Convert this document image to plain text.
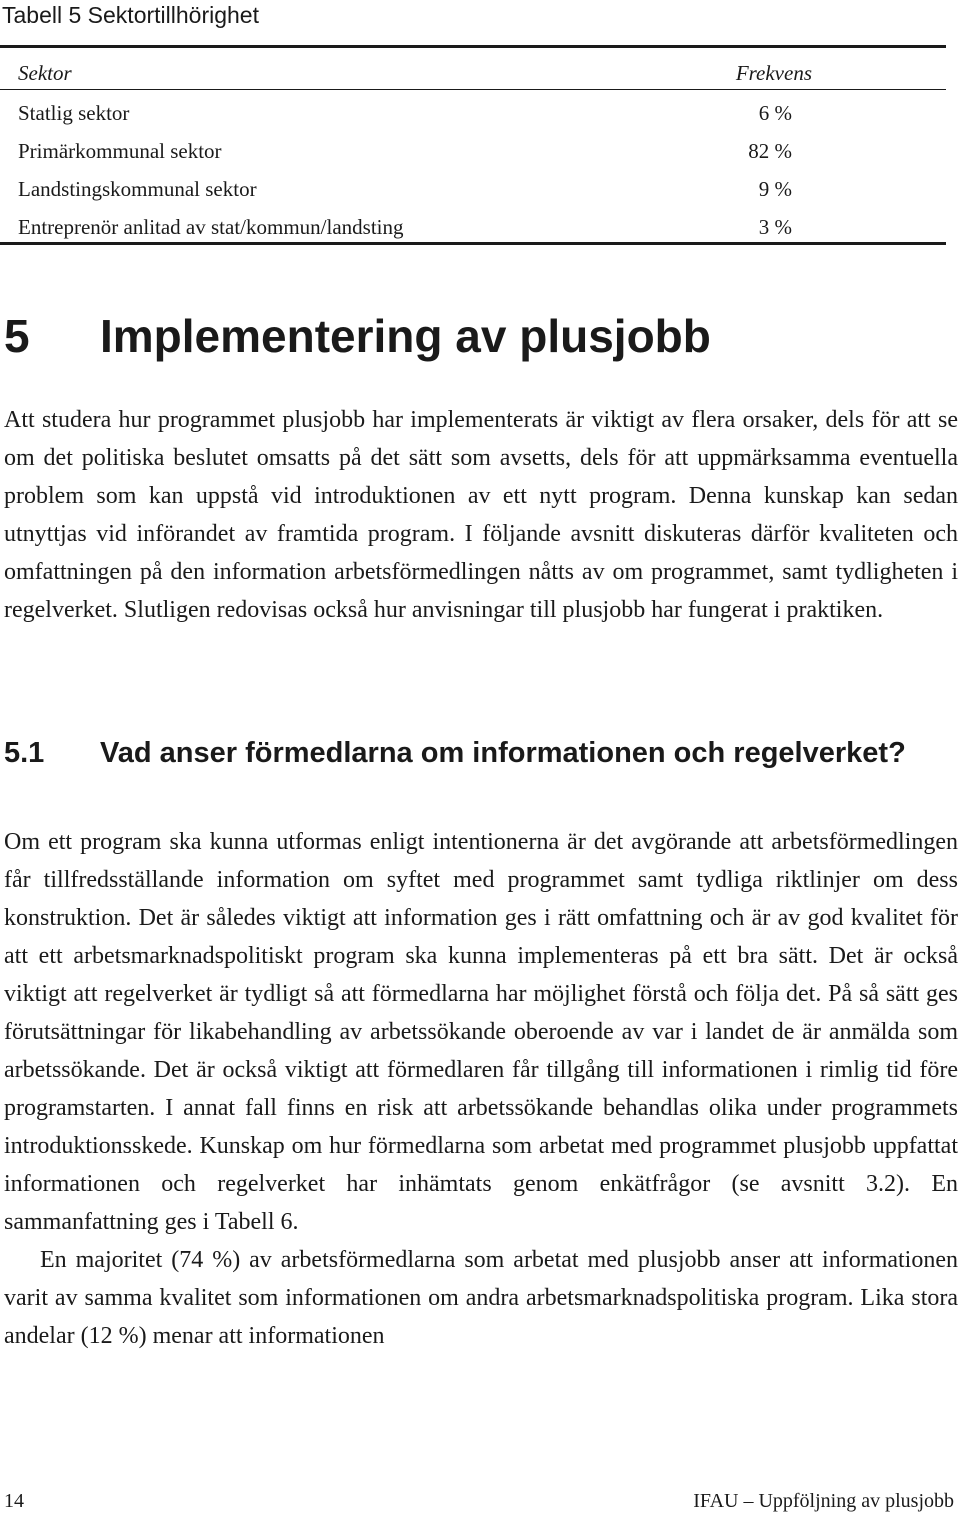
Tabell 5 Sektortillhörighet
Sektor	Frekvens
Statlig sektor	6 %
Primärkommunal sektor	82 %
Landstingskommunal sektor	9 %
Entreprenör anlitad av stat/kommun/landsting	3 %
5 Implementering av plusjobb

Att studera hur programmet plusjobb har implementerats är viktigt av flera orsaker, dels för att se om det politiska beslutet omsatts på det sätt som avsetts, dels för att uppmärksamma eventuella problem som kan uppstå vid introduktionen av ett nytt program. Denna kunskap kan sedan utnyttjas vid införandet av framtida program. I följande avsnitt diskuteras därför kvaliteten och omfattningen på den information arbetsförmedlingen nåtts av om programmet, samt tydligheten i regelverket. Slutligen redovisas också hur anvisningar till plusjobb har fungerat i praktiken.

5.1 Vad anser förmedlarna om informationen och regelverket?

Om ett program ska kunna utformas enligt intentionerna är det avgörande att arbetsförmedlingen får tillfredsställande information om syftet med programmet samt tydliga riktlinjer om dess konstruktion. Det är således viktigt att information ges i rätt omfattning och är av god kvalitet för att ett arbetsmarknadspolitiskt program ska kunna implementeras på ett bra sätt. Det är också viktigt att regelverket är tydligt så att förmedlarna har möjlighet förstå och följa det. På så sätt ges förutsättningar för likabehandling av arbetssökande oberoende av var i landet de är anmälda som arbetssökande. Det är också viktigt att förmedlaren får tillgång till informationen i rimlig tid före programstarten. I annat fall finns en risk att arbetssökande behandlas olika under programmets introduktionsskede. Kunskap om hur förmedlarna som arbetat med programmet plusjobb uppfattat informationen och regelverket har inhämtats genom enkätfrågor (se avsnitt 3.2). En sammanfattning ges i Tabell 6.

En majoritet (74 %) av arbetsförmedlarna som arbetat med plusjobb anser att informationen varit av samma kvalitet som informationen om andra arbetsmarknadspolitiska program. Lika stora andelar (12 %) menar att informationen

14	IFAU – Uppföljning av plusjobb
